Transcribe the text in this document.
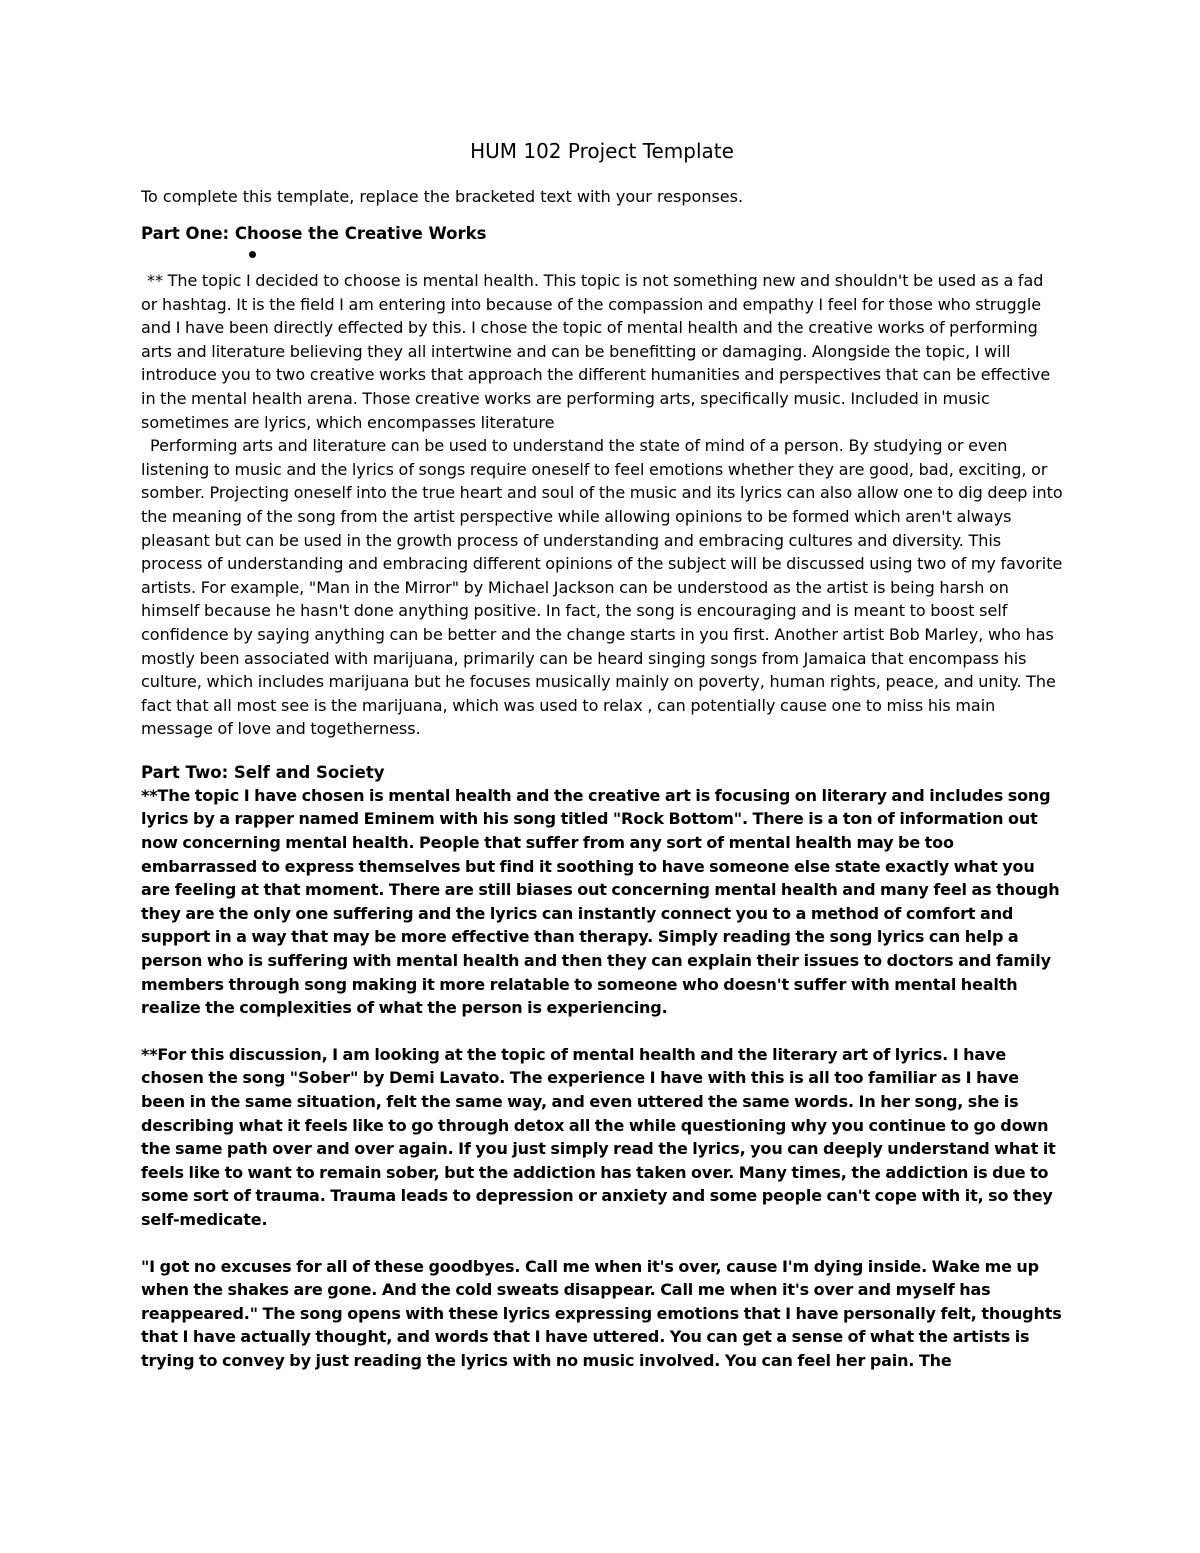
HUM 102 Project Template

To complete this template, replace the bracketed text with your responses.

Part One: Choose the Creative Works

** The topic I decided to choose is mental health. This topic is not something new and shouldn't be used as a fad or hashtag. It is the field I am entering into because of the compassion and empathy I feel for those who struggle and I have been directly effected by this. I chose the topic of mental health and the creative works of performing arts and literature believing they all intertwine and can be benefitting or damaging. Alongside the topic, I will introduce you to two creative works that approach the different humanities and perspectives that can be effective in the mental health arena. Those creative works are performing arts, specifically music. Included in music sometimes are lyrics, which encompasses literature

Performing arts and literature can be used to understand the state of mind of a person. By studying or even listening to music and the lyrics of songs require oneself to feel emotions whether they are good, bad, exciting, or somber. Projecting oneself into the true heart and soul of the music and its lyrics can also allow one to dig deep into the meaning of the song from the artist perspective while allowing opinions to be formed which aren't always pleasant but can be used in the growth process of understanding and embracing cultures and diversity. This process of understanding and embracing different opinions of the subject will be discussed using two of my favorite artists. For example, "Man in the Mirror" by Michael Jackson can be understood as the artist is being harsh on himself because he hasn't done anything positive. In fact, the song is encouraging and is meant to boost self confidence by saying anything can be better and the change starts in you first. Another artist Bob Marley, who has mostly been associated with marijuana, primarily can be heard singing songs from Jamaica that encompass his culture, which includes marijuana but he focuses musically mainly on poverty, human rights, peace, and unity. The fact that all most see is the marijuana, which was used to relax , can potentially cause one to miss his main message of love and togetherness.

Part Two: Self and Society

**The topic I have chosen is mental health and the creative art is focusing on literary and includes song lyrics by a rapper named Eminem with his song titled "Rock Bottom". There is a ton of information out now concerning mental health. People that suffer from any sort of mental health may be too embarrassed to express themselves but find it soothing to have someone else state exactly what you are feeling at that moment. There are still biases out concerning mental health and many feel as though they are the only one suffering and the lyrics can instantly connect you to a method of comfort and support in a way that may be more effective than therapy. Simply reading the song lyrics can help a person who is suffering with mental health and then they can explain their issues to doctors and family members through song making it more relatable to someone who doesn't suffer with mental health realize the complexities of what the person is experiencing.

**For this discussion, I am looking at the topic of mental health and the literary art of lyrics. I have chosen the song "Sober" by Demi Lavato. The experience I have with this is all too familiar as I have been in the same situation, felt the same way, and even uttered the same words. In her song, she is describing what it feels like to go through detox all the while questioning why you continue to go down the same path over and over again. If you just simply read the lyrics, you can deeply understand what it feels like to want to remain sober, but the addiction has taken over. Many times, the addiction is due to some sort of trauma. Trauma leads to depression or anxiety and some people can't cope with it, so they self-medicate.

"I got no excuses for all of these goodbyes. Call me when it's over, cause I'm dying inside. Wake me up when the shakes are gone. And the cold sweats disappear. Call me when it's over and myself has reappeared." The song opens with these lyrics expressing emotions that I have personally felt, thoughts that I have actually thought, and words that I have uttered. You can get a sense of what the artists is trying to convey by just reading the lyrics with no music involved. You can feel her pain. The
